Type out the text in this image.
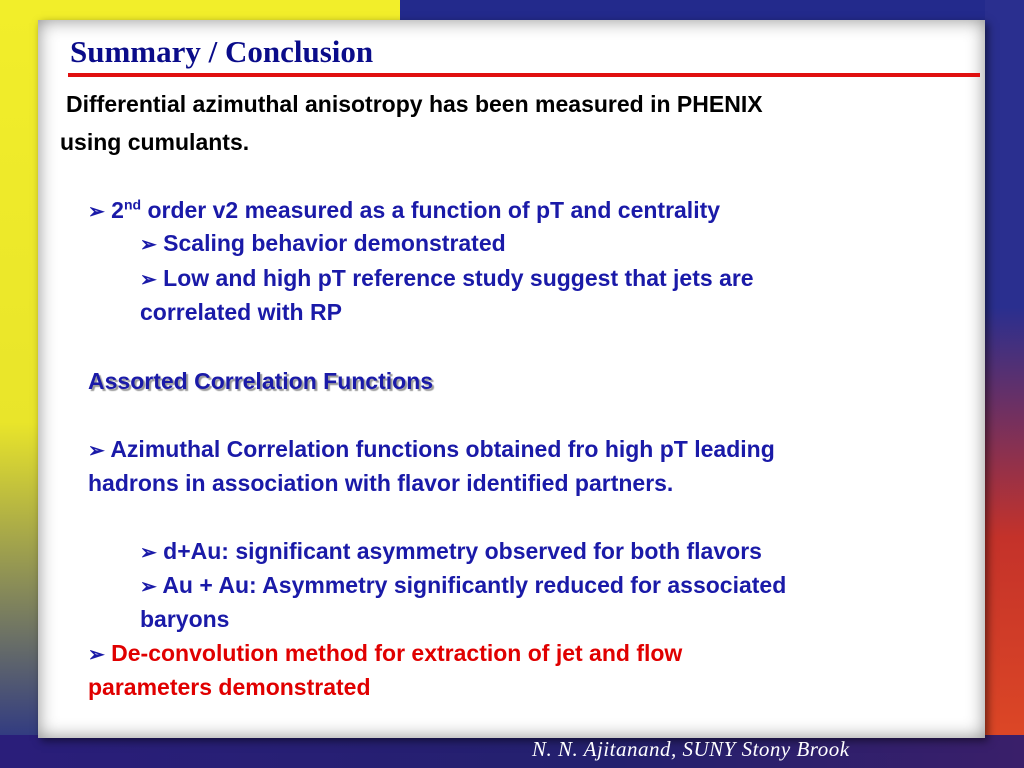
Summary / Conclusion
Differential azimuthal anisotropy has been measured in PHENIX
using cumulants.
➢ 2nd order v2 measured as a function of pT and centrality
➢ Scaling behavior demonstrated
➢ Low and high pT reference study suggest that jets are
correlated with RP
Assorted Correlation Functions
➢ Azimuthal Correlation functions obtained fro high pT leading
hadrons in association with flavor identified partners.
➢ d+Au: significant asymmetry observed for both flavors
➢ Au + Au: Asymmetry significantly reduced for associated
baryons
➢ De-convolution method for extraction of jet and flow
parameters demonstrated
N. N. Ajitanand, SUNY Stony Brook
